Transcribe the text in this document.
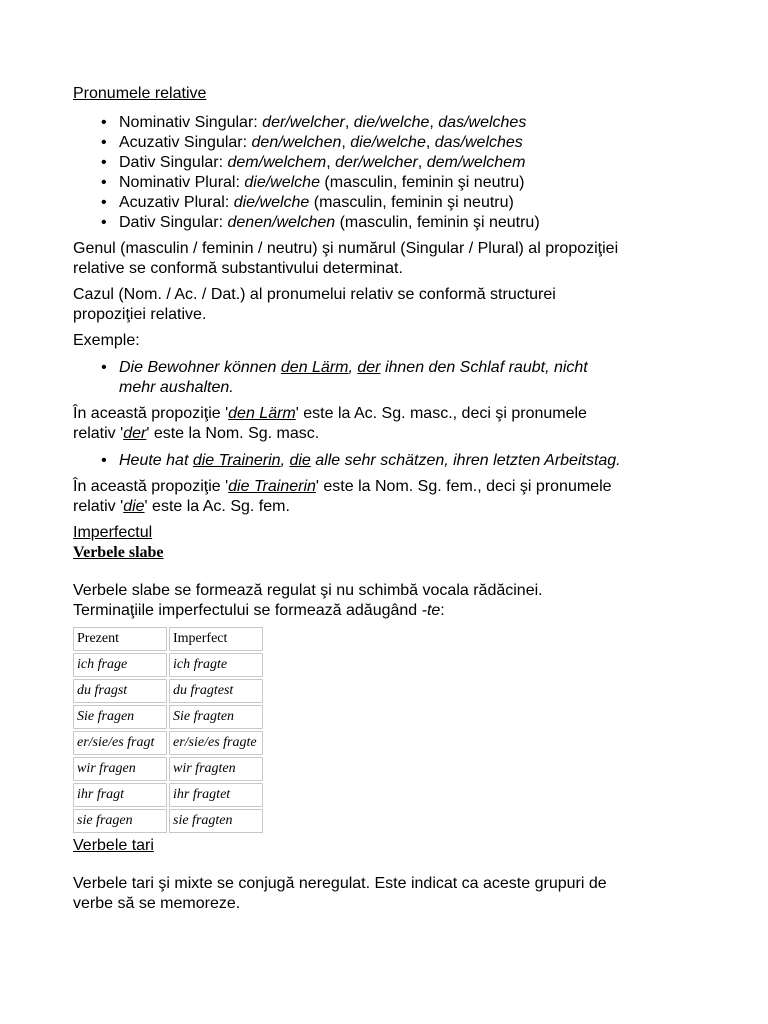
Pronumele relative

• Nominativ Singular: der/welcher, die/welche, das/welches
• Acuzativ Singular: den/welchen, die/welche, das/welches
• Dativ Singular: dem/welchem, der/welcher, dem/welchem
• Nominativ Plural: die/welche (masculin, feminin şi neutru)
• Acuzativ Plural: die/welche (masculin, feminin şi neutru)
• Dativ Singular: denen/welchen (masculin, feminin şi neutru)

Genul (masculin / feminin / neutru) şi numărul (Singular / Plural) al propoziţiei

relative se conformă substantivului determinat.

Cazul (Nom. / Ac. / Dat.) al pronumelui relativ se conformă structurei

propoziţiei relative.

Exemple:

• Die Bewohner können den Lärm, der ihnen den Schlaf raubt, nicht
mehr aushalten.

În această propoziţie 'den Lärm' este la Ac. Sg. masc., deci şi pronumele

relativ 'der' este la Nom. Sg. masc.

• Heute hat die Trainerin, die alle sehr schätzen, ihren letzten Arbeitstag.

În această propoziţie 'die Trainerin' este la Nom. Sg. fem., deci şi pronumele

relativ 'die' este la Ac. Sg. fem.

Imperfectul

Verbele slabe

Verbele slabe se formează regulat şi nu schimbă vocala rădăcinei.

Terminaţiile imperfectului se formează adăugând -te:

Prezent	Imperfect
ich frage	ich fragte
du fragst	du fragtest
Sie fragen	Sie fragten
er/sie/es fragt	er/sie/es fragte
wir fragen	wir fragten
ihr fragt	ihr fragtet
sie fragen	sie fragten

Verbele tari

Verbele tari şi mixte se conjugă neregulat. Este indicat ca aceste grupuri de

verbe să se memoreze.
